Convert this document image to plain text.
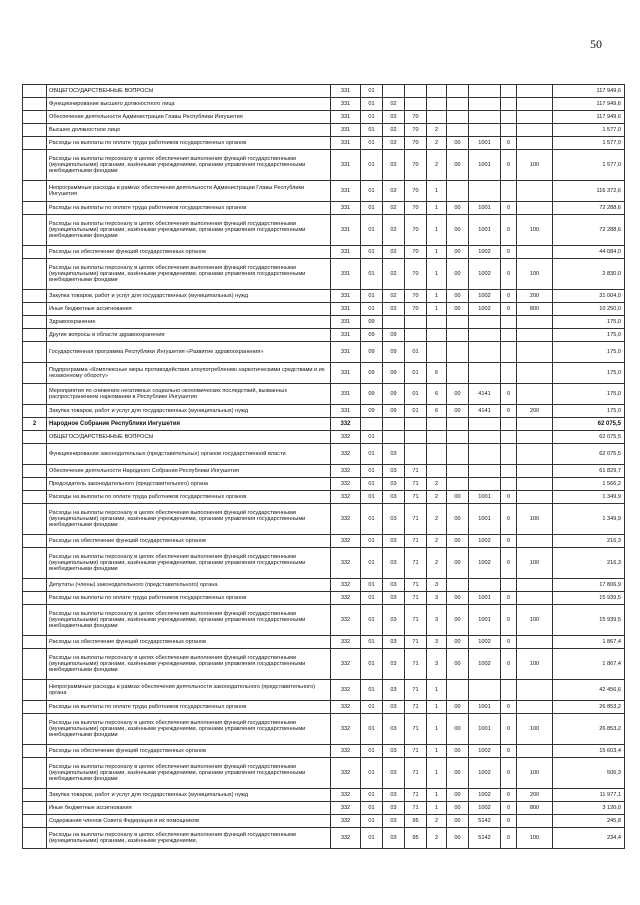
50
	ОБЩЕГОСУДАРСТВЕННЫЕ ВОПРОСЫ	331	01								117 949,6
	Функционирование высшего должностного лица	331	01	02							117 949,6
	Обеспечение деятельности Администрации Главы Республики Ингушетия	331	01	02	70						117 949,6
	Высшее должностное лицо	331	01	02	70	2					1 577,0
	Расходы на выплаты по оплате труда работников государственных органов	331	01	02	70	2	00	1001	0		1 577,0
	Расходы на выплаты персоналу в целях обеспечения выполнения функций государственными (муниципальными) органами, казёнными учреждениями, органами управления государственными внебюджетными фондами	331	01	02	70	2	00	1001	0	100	1 577,0
	Непрограммные расходы в рамках обеспечения деятельности Администрации Главы Республики Ингушетия	331	01	02	70	1					116 372,6
	Расходы на выплаты по оплате труда работников государственных органов	331	01	02	70	1	00	1001	0		72 288,6
	Расходы на выплаты персоналу в целях обеспечения выполнения функций государственными (муниципальными) органами, казёнными учреждениями, органами управления государственными внебюджетными фондами	331	01	02	70	1	00	1001	0	100	72 288,6
	Расходы на обеспечение функций государственных органов	331	01	02	70	1	00	1002	0		44 084,0
	Расходы на выплаты персоналу в целях обеспечения выполнения функций государственными (муниципальными) органами, казёнными учреждениями, органами управления государственными внебюджетными фондами	331	01	02	70	1	00	1002	0	100	2 830,0
	Закупка товаров, работ и услуг для государственных (муниципальных) нужд	331	01	02	70	1	00	1002	0	200	31 004,0
	Иные бюджетные ассигнования	331	01	02	70	1	00	1002	0	800	10 250,0
	Здравоохранение	331	09								175,0
	Другие вопросы в области здравоохранения	331	09	09							175,0
	Государственная программа Республики Ингушетия «Развитие здравоохранения»	331	09	09	01						175,0
	Подпрограмма «Комплексные меры противодействия злоупотреблению наркотическими средствами и их незаконному обороту»	331	09	09	01	6					175,0
	Мероприятия по снижению негативных социально-экономических последствий, вызванных распространением наркомании в Республике Ингушетия	331	09	09	01	6	00	4141	0		175,0
	Закупка товаров, работ и услуг для государственных (муниципальных) нужд	331	09	09	01	6	00	4141	0	200	175,0
2	Народное Собрание Республики Ингушетия	332									62 075,5
	ОБЩЕГОСУДАРСТВЕННЫЕ ВОПРОСЫ	332	01								62 075,5
	Функционирование законодательных (представительных) органов государственной власти	332	01	03							62 075,5
	Обеспечение деятельности Народного Собрания Республики Ингушетия	332	01	03	71						61 829,7
	Председатель законодательного (представительного) органа	332	01	03	71	2					1 566,2
	Расходы на выплаты по оплате труда работников государственных органов	332	01	03	71	2	00	1001	0		1 349,9
	Расходы на выплаты персоналу в целях обеспечения выполнения функций государственными (муниципальными) органами, казёнными учреждениями, органами управления государственными внебюджетными фондами	332	01	03	71	2	00	1001	0	100	1 349,9
	Расходы на обеспечение функций государственных органов	332	01	03	71	2	00	1002	0		216,3
	Расходы на выплаты персоналу в целях обеспечения выполнения функций государственными (муниципальными) органами, казёнными учреждениями, органами управления государственными внебюджетными фондами	332	01	03	71	2	00	1002	0	100	216,3
	Депутаты (члены) законодательного (представительного) органа	332	01	03	71	3					17 806,9
	Расходы на выплаты по оплате труда работников государственных органов	332	01	03	71	3	00	1001	0		15 939,5
	Расходы на выплаты персоналу в целях обеспечения выполнения функций государственными (муниципальными) органами, казёнными учреждениями, органами управления государственными внебюджетными фондами	332	01	03	71	3	00	1001	0	100	15 939,5
	Расходы на обеспечение функций государственных органов	332	01	03	71	3	00	1002	0		1 867,4
	Расходы на выплаты персоналу в целях обеспечения выполнения функций государственными (муниципальными) органами, казёнными учреждениями, органами управления государственными внебюджетными фондами	332	01	03	71	3	00	1002	0	100	1 867,4
	Непрограммные расходы в рамках обеспечения деятельности законодательного (представительного) органа	332	01	03	71	1					42 456,6
	Расходы на выплаты по оплате труда работников государственных органов	332	01	03	71	1	00	1001	0		26 853,2
	Расходы на выплаты персоналу в целях обеспечения выполнения функций государственными (муниципальными) органами, казёнными учреждениями, органами управления государственными внебюджетными фондами	332	01	03	71	1	00	1001	0	100	26 853,2
	Расходы на обеспечение функций государственных органов	332	01	03	71	1	00	1002	0		15 603,4
	Расходы на выплаты персоналу в целях обеспечения выполнения функций государственными (муниципальными) органами, казёнными учреждениями, органами управления государственными внебюджетными фондами	332	01	03	71	1	00	1002	0	100	506,3
	Закупка товаров, работ и услуг для государственных (муниципальных) нужд	332	01	03	71	1	00	1002	0	200	11 977,1
	Иные бюджетные ассигнования	332	01	03	71	1	00	1002	0	800	3 120,0
	Содержание членов Совета Федерации и их помощников	332	01	03	95	2	00	5142	0		245,8
	Расходы на выплаты персоналу в целях обеспечения выполнения функций государственными (муниципальными) органами, казёнными учреждениями,	332	01	03	95	2	00	5142	0	100	234,4
